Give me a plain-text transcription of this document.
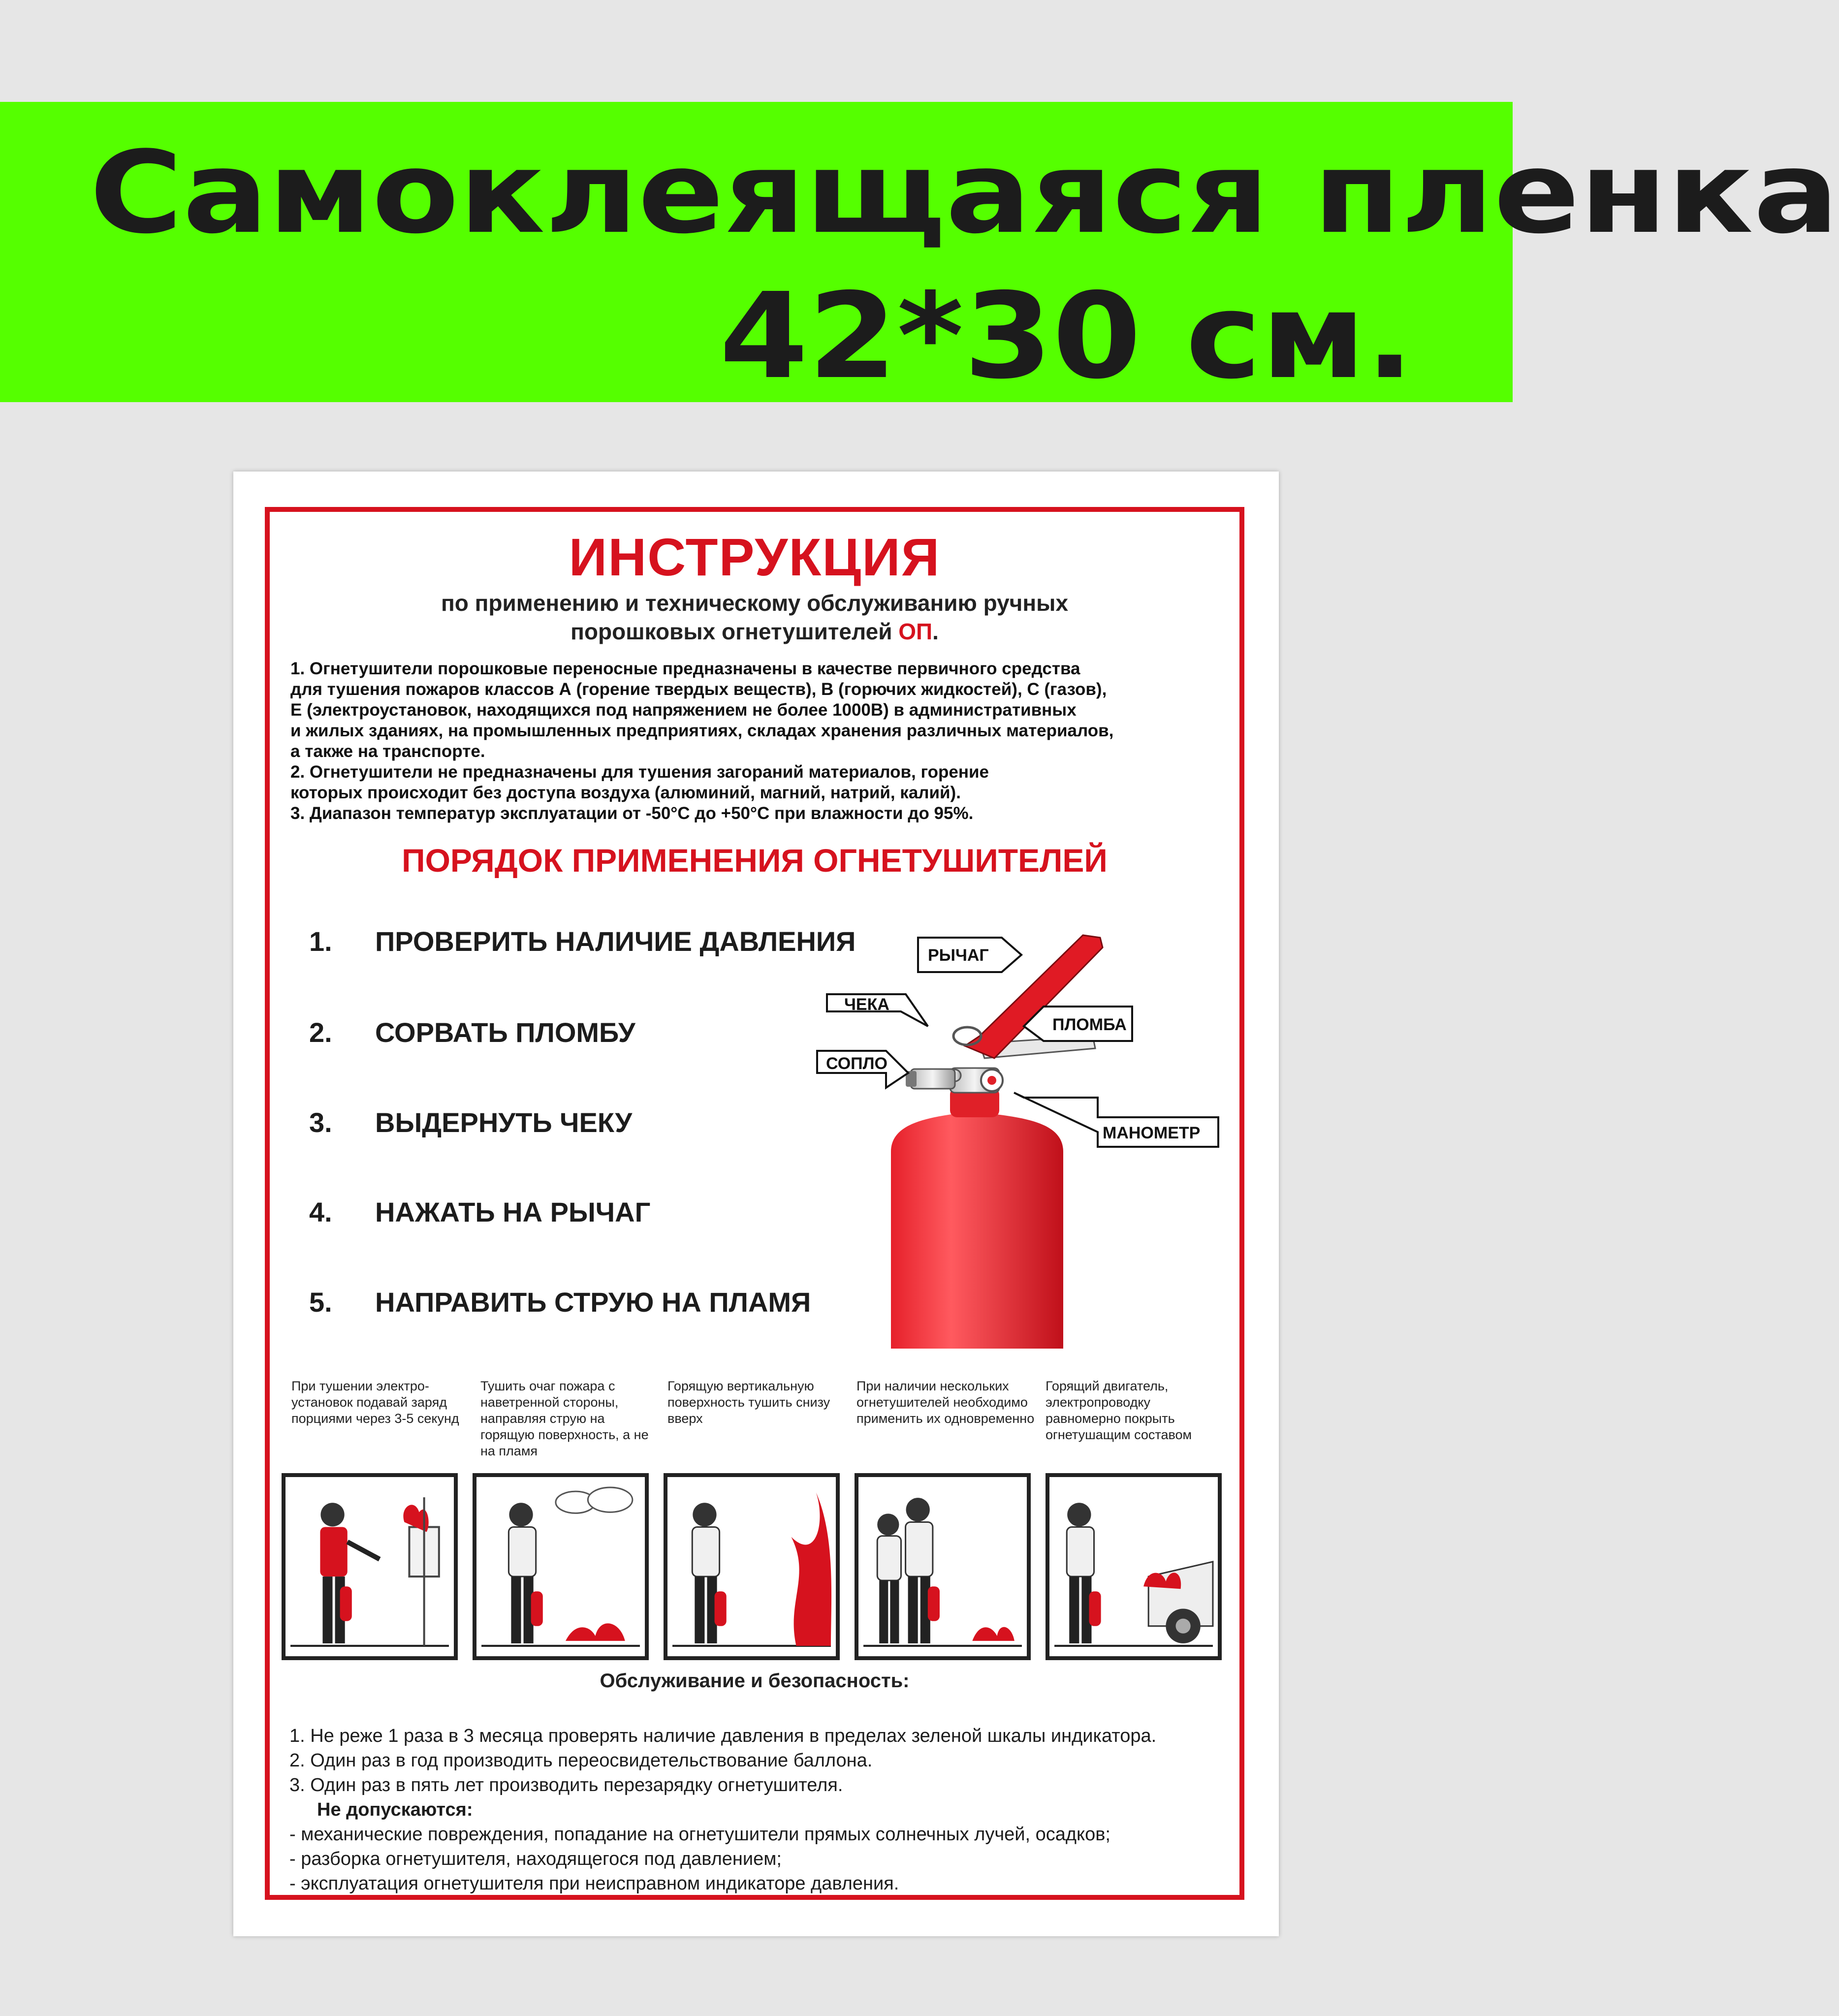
Самоклеящаяся пленка
42*30 см.
ИНСТРУКЦИЯ
по применению и техническому обслуживанию ручных
порошковых огнетушителей ОП.

1. Огнетушители порошковые переносные предназначены в качестве первичного средства

для тушения пожаров классов А (горение твердых веществ), В (горючих жидкостей), С (газов),

Е (электроустановок, находящихся под напряжением не более 1000В) в административных

и жилых зданиях, на промышленных предприятиях, складах хранения различных материалов,

а также на транспорте.

2. Огнетушители не предназначены для тушения загораний материалов, горение

которых происходит без доступа воздуха (алюминий, магний, натрий, калий).

3. Диапазон температур эксплуатации от -50°С до +50°С при влажности до 95%.

ПОРЯДОК ПРИМЕНЕНИЯ ОГНЕТУШИТЕЛЕЙ
1. ПРОВЕРИТЬ НАЛИЧИЕ ДАВЛЕНИЯ
2. СОРВАТЬ ПЛОМБУ
3. ВЫДЕРНУТЬ ЧЕКУ
4. НАЖАТЬ НА РЫЧАГ
5. НАПРАВИТЬ СТРУЮ НА ПЛАМЯ
РЫЧАГ
ЧЕКА
ПЛОМБА
СОПЛО
МАНОМЕТР
При тушении электро-установок подавай заряд порциями через 3-5 секунд
Тушить очаг пожара с наветренной стороны, направляя струю на горящую поверхность, а не на пламя
Горящую вертикальную поверхность тушить снизу вверх
При наличии нескольких огнетушителей необходимо применить их одновременно
Горящий двигатель, электропроводку равномерно покрыть огнетушащим составом
Обслуживание и безопасность:

1. Не реже 1 раза в 3 месяца проверять наличие давления в пределах зеленой шкалы индикатора.

2. Один раз в год производить переосвидетельствование баллона.

3. Один раз в пять лет производить перезарядку огнетушителя.

Не допускаются:

- механические повреждения, попадание на огнетушители прямых солнечных лучей, осадков;

- разборка огнетушителя, находящегося под давлением;

- эксплуатация огнетушителя при неисправном индикаторе давления.
